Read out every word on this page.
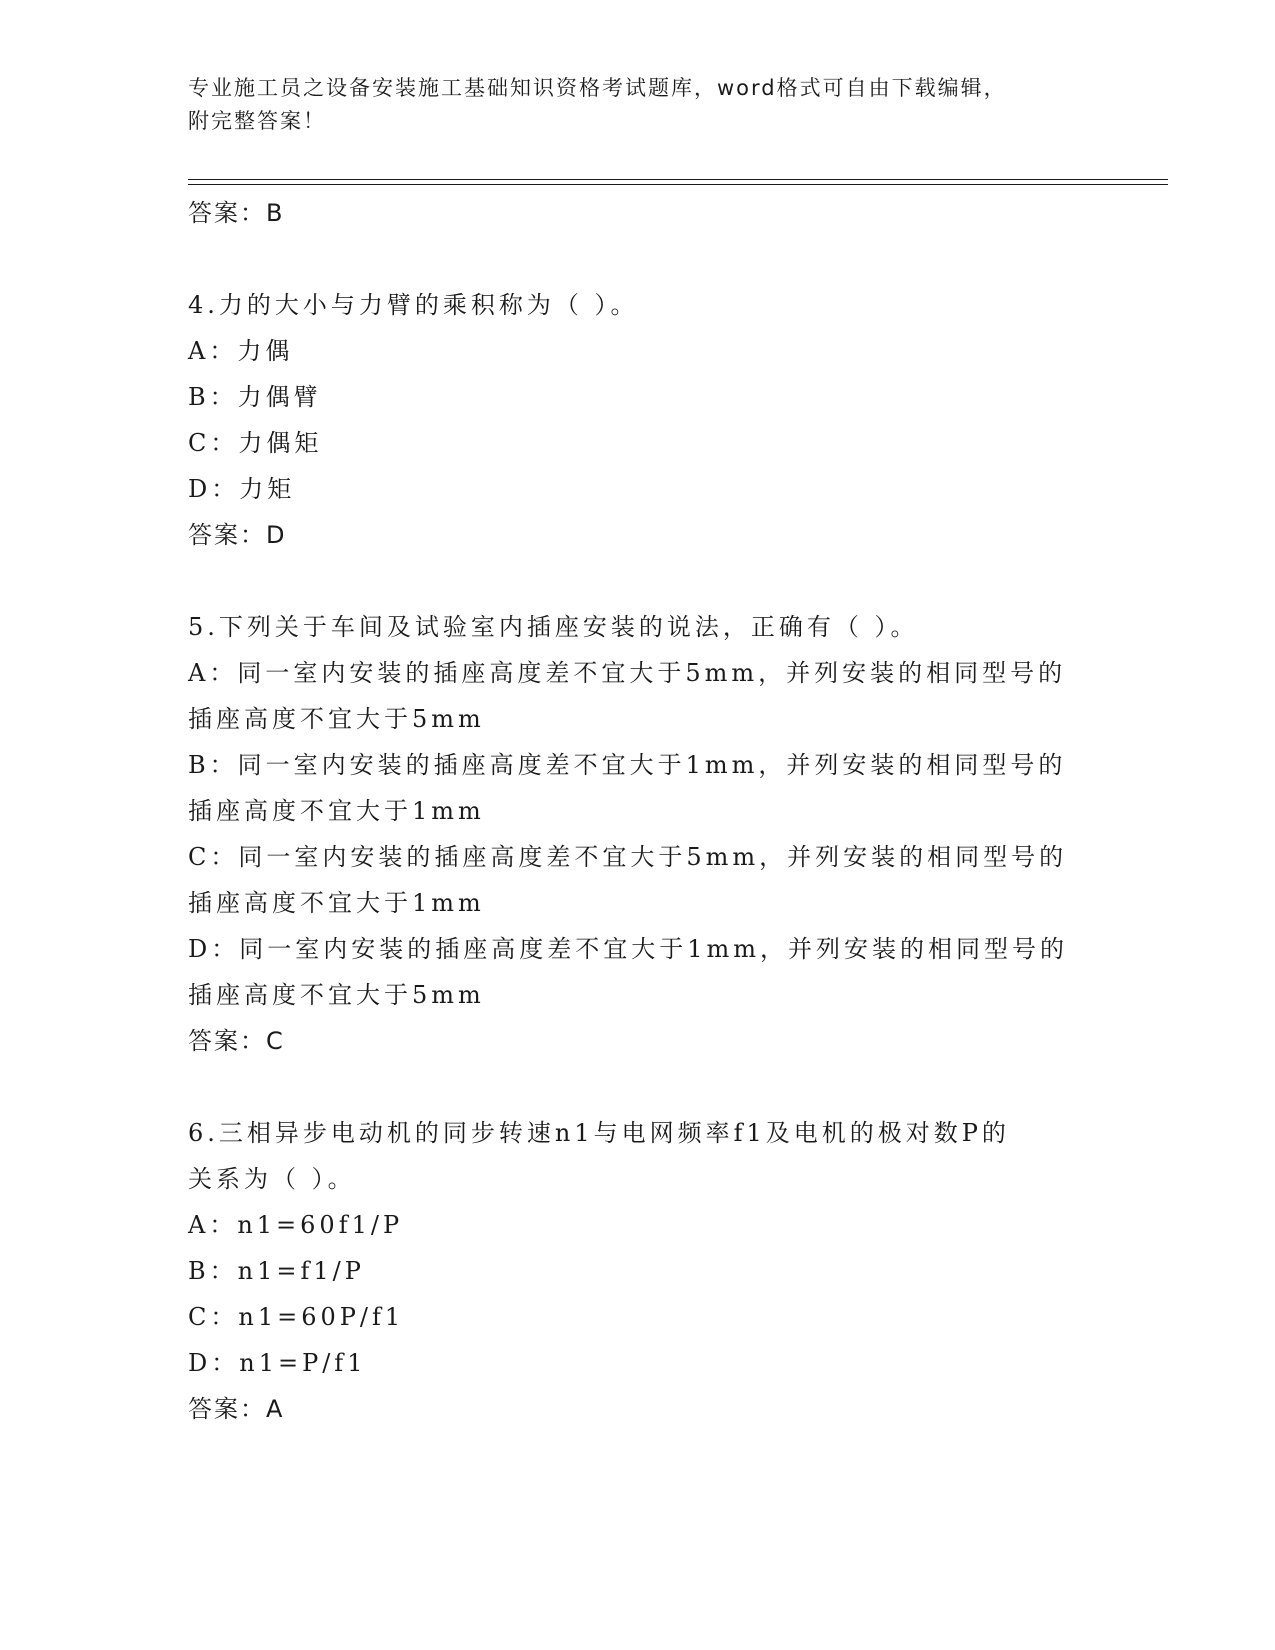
专业施工员之设备安装施工基础知识资格考试题库，word格式可自由下载编辑，
附完整答案！
答案：B
4.力的大小与力臂的乘积称为（ ）。
A：力偶
B：力偶臂
C：力偶矩
D：力矩
答案：D
5.下列关于车间及试验室内插座安装的说法，正确有（ ）。
A：同一室内安装的插座高度差不宜大于5mm，并列安装的相同型号的
插座高度不宜大于5mm
B：同一室内安装的插座高度差不宜大于1mm，并列安装的相同型号的
插座高度不宜大于1mm
C：同一室内安装的插座高度差不宜大于5mm，并列安装的相同型号的
插座高度不宜大于1mm
D：同一室内安装的插座高度差不宜大于1mm，并列安装的相同型号的
插座高度不宜大于5mm
答案：C
6.三相异步电动机的同步转速n1与电网频率f1及电机的极对数P的
关系为（ ）。
A：n1=60f1/P
B：n1=f1/P
C：n1=60P/f1
D：n1=P/f1
答案：A
